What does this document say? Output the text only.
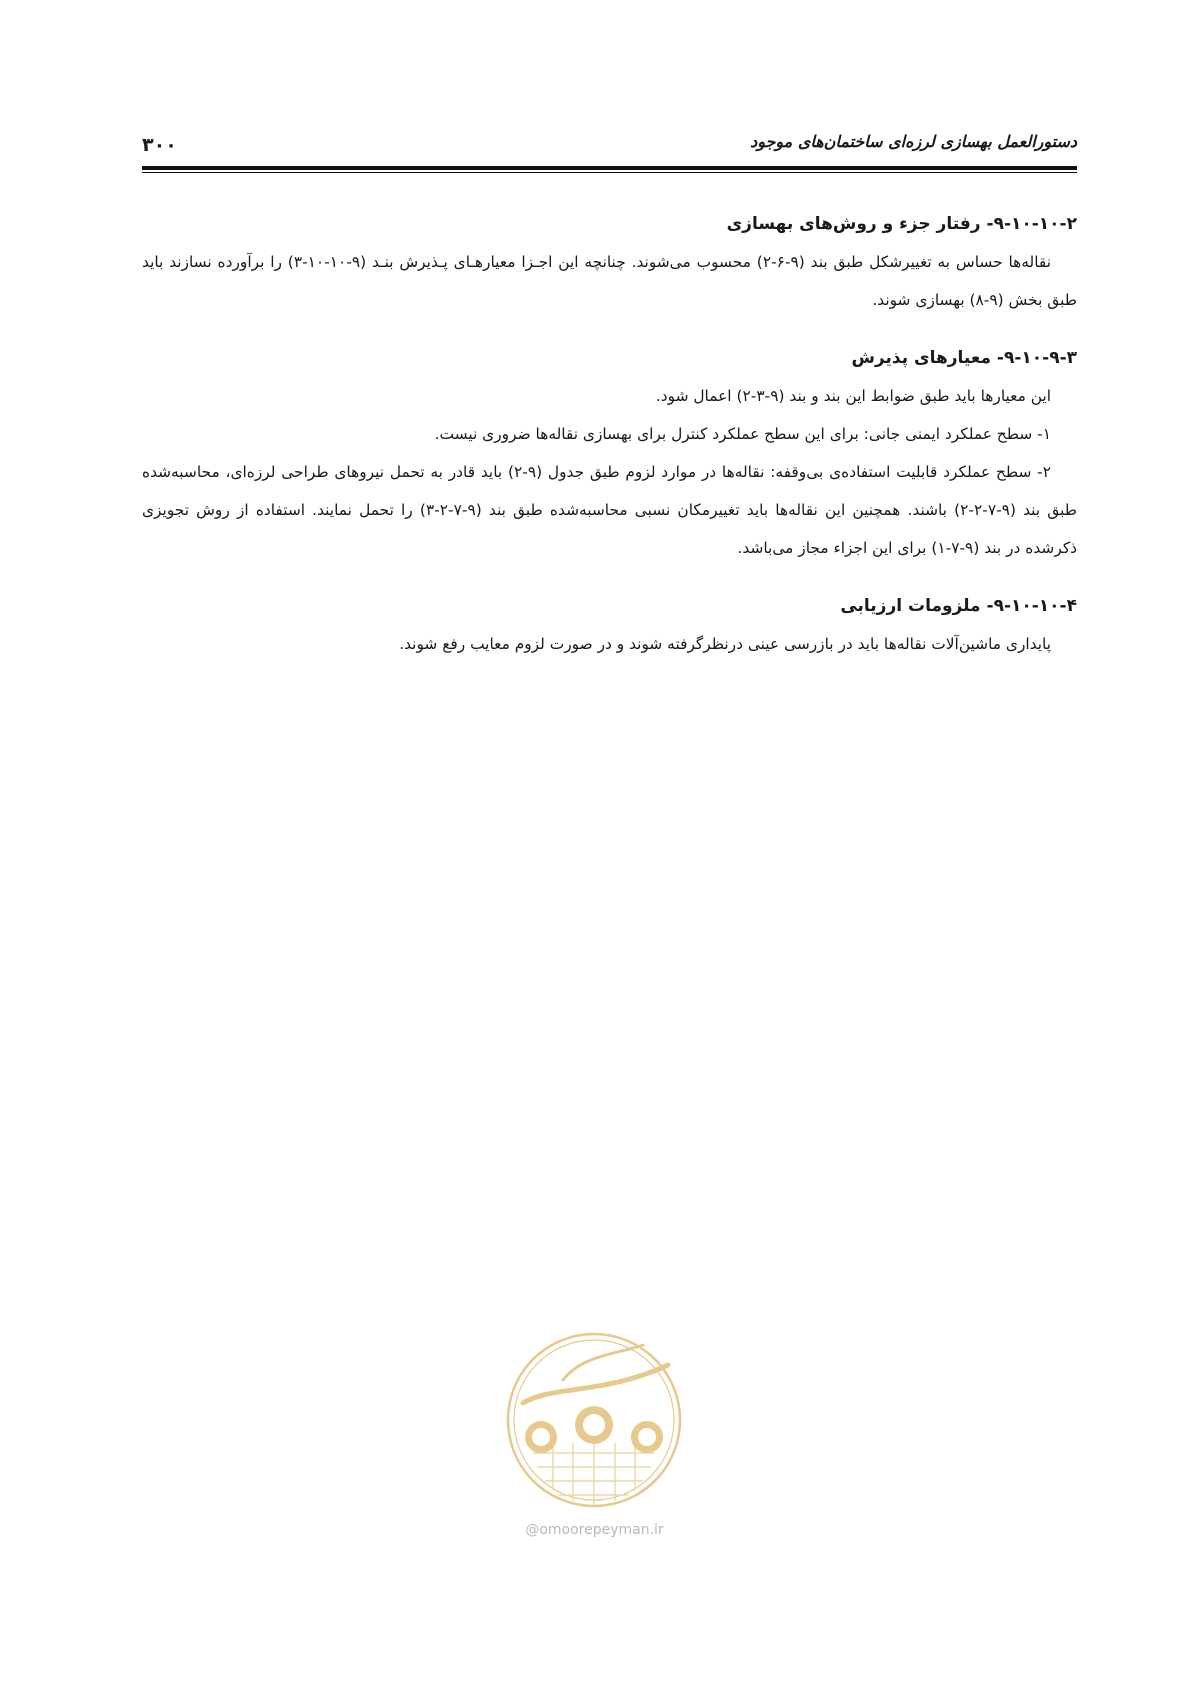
۳۰۰	دستورالعمل بهسازی لرزه‌ای ساختمان‌های موجود
۹-۱۰-۱۰-۲- رفتار جزء و روش‌های بهسازی

نقاله‌ها حساس به تغییرشکل طبق بند (۹-۶-۲) محسوب می‌شوند. چنانچه این اجـزا معیارهـای پـذیرش بنـد (۹-۱۰-۱۰-۳) را برآورده نسازند باید طبق بخش (۹-۸) بهسازی شوند.

۹-۱۰-۹-۳- معیارهای پذیرش

این معیارها باید طبق ضوابط این بند و بند (۹-۳-۲) اعمال شود.

۱- سطح عملکرد ایمنی جانی: برای این سطح عملکرد کنترل برای بهسازی نقاله‌ها ضروری نیست.

۲- سطح عملکرد قابلیت استفاده‌ی بی‌وقفه: نقاله‌ها در موارد لزوم طبق جدول (۹-۲) باید قادر به تحمل نیروهای طراحی لرزه‌ای، محاسبه‌شده طبق بند (۹-۷-۲-۲) باشند. همچنین این نقاله‌ها باید تغییرمکان نسبی محاسبه‌شده طبق بند (۹-۷-۲-۳) را تحمل نمایند. استفاده از روش تجویزی ذکرشده در بند (۹-۷-۱) برای این اجزاء مجاز می‌باشد.

۹-۱۰-۱۰-۴- ملزومات ارزیابی

پایداری ماشین‌آلات نقاله‌ها باید در بازرسی عینی درنظرگرفته شوند و در صورت لزوم معایب رفع شوند.

@omoorepeyman.ir
